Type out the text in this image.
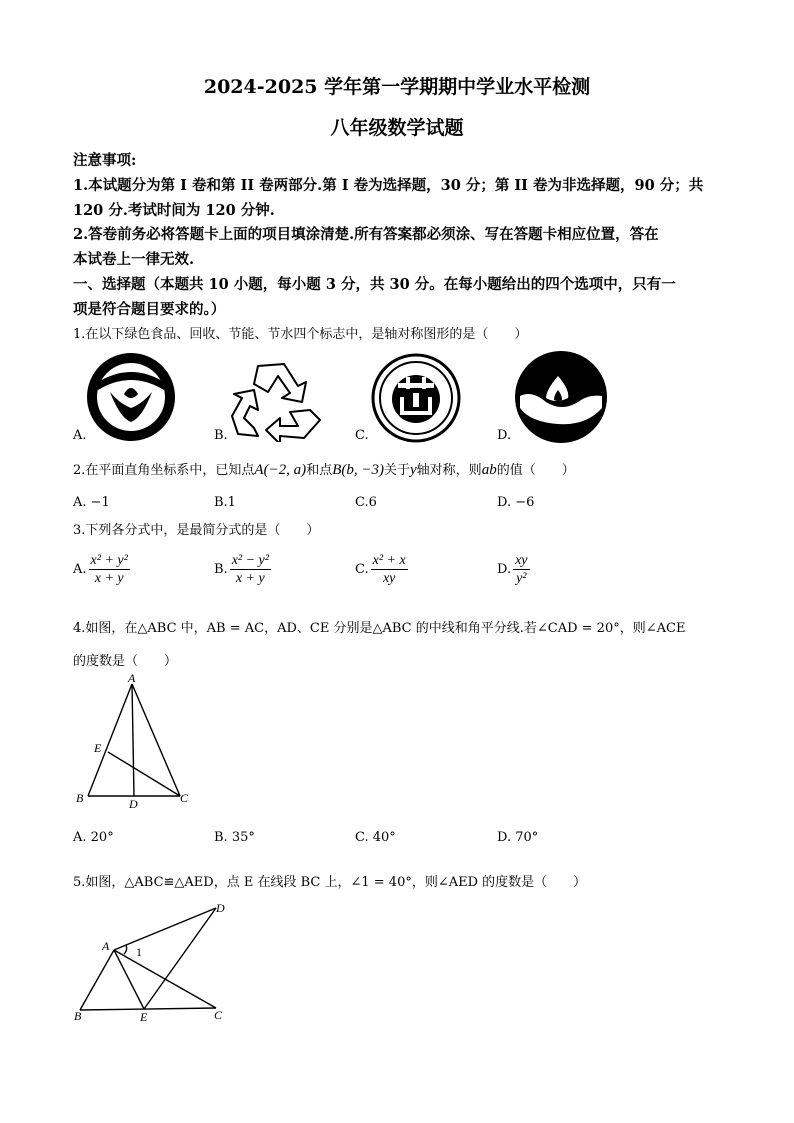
2024-2025 学年第一学期期中学业水平检测
八年级数学试题
注意事项:
1.本试题分为第 I 卷和第 II 卷两部分.第 I 卷为选择题，30 分；第 II 卷为非选择题，90 分；共
120 分.考试时间为 120 分钟.
2.答卷前务必将答题卡上面的项目填涂清楚.所有答案都必须涂、写在答题卡相应位置，答在
本试卷上一律无效.
一、选择题（本题共 10 小题，每小题 3 分，共 30 分。在每小题给出的四个选项中，只有一
项是符合题目要求的。）
1.在以下绿色食品、回收、节能、节水四个标志中，是轴对称图形的是（　　）
A.	B.	C.	D.
2.在平面直角坐标系中，已知点A(−2, a)和点B(b, −3)关于y轴对称，则ab的值（　　）
A. −1	B.1	C.6	D. −6
3.下列各分式中，是最简分式的是（　　）
A. $\frac{\text{x² + y²}}{x + y}$	B. $\frac{\text{x² − y²}}{x + y}$	C. $\frac{\text{x² + x}}{xy}$	D. $\frac{xy}{\text{y²}}$
4.如图，在△ABC 中，AB = AC，AD、CE 分别是△ABC 的中线和角平分线.若∠CAD = 20°，则∠ACE
的度数是（　　）
A
E
B	D	C
A. 20°	B. 35°	C. 40°	D. 70°
5.如图，△ABC≌△AED，点 E 在线段 BC 上，∠1 = 40°，则∠AED 的度数是（　　）
D
A 1
B	E	C
